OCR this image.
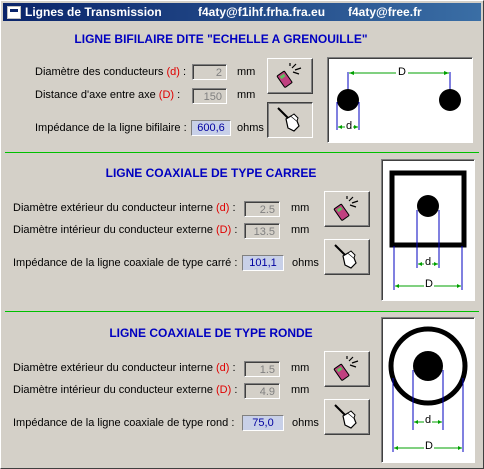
Lignes de Transmission	f4aty@f1ihf.frha.fra.eu f4aty@free.fr
LIGNE BIFILAIRE DITE "ECHELLE A GRENOUILLE"
Diamètre des conducteurs (d) :	2	mm
Distance d'axe entre axe (D) :	150	mm
Impédance de la ligne bifilaire : 600,6	ohms
D
d
LIGNE COAXIALE DE TYPE CARREE
Diamètre extérieur du conducteur interne (d) :	2.5	mm
Diamètre intérieur du conducteur externe (D) :	13.5	mm
Impédance de la ligne coaxiale de type carré :	101,1	ohms	d
D
LIGNE COAXIALE DE TYPE RONDE
Diamètre extérieur du conducteur interne (d) :	1.5	mm
Diamètre intérieur du conducteur externe (D) :	4.9	mm
Impédance de la ligne coaxiale de type rond :	75,0	ohms	d
D
